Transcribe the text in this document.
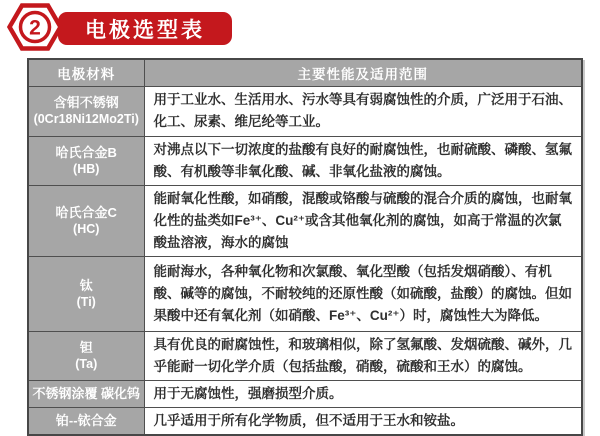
2 电极选型表
电极材料	主要性能及适用范围

含钼不锈钢
(0Cr18Ni12Mo2Ti)	用于工业水、生活用水、污水等具有弱腐蚀性的介质，广泛用于石油、化工、尿素、维尼纶等工业。

哈氏合金B
(HB)	对沸点以下一切浓度的盐酸有良好的耐腐蚀性，也耐硫酸、磷酸、氢氟酸、有机酸等非氧化酸、碱、非氧化盐液的腐蚀。

哈氏合金C
(HC)	能耐氧化性酸，如硝酸，混酸或铬酸与硫酸的混合介质的腐蚀，也耐氧化性的盐类如Fe³⁺、Cu²⁺或含其他氧化剂的腐蚀，如高于常温的次氯酸盐溶液，海水的腐蚀

钛
(Ti)	能耐海水，各种氧化物和次氯酸、氧化型酸（包括发烟硝酸）、有机酸、碱等的腐蚀，不耐较纯的还原性酸（如硫酸，盐酸）的腐蚀。但如果酸中还有氧化剂（如硝酸、Fe³⁺、Cu²⁺）时，腐蚀性大为降低。

钽
(Ta)	具有优良的耐腐蚀性，和玻璃相似，除了氢氟酸、发烟硫酸、碱外，几乎能耐一切化学介质（包括盐酸，硝酸，硫酸和王水）的腐蚀。

不锈钢涂覆 碳化钨	用于无腐蚀性，强磨损型介质。

铂--铱合金	几乎适用于所有化学物质，但不适用于王水和铵盐。
